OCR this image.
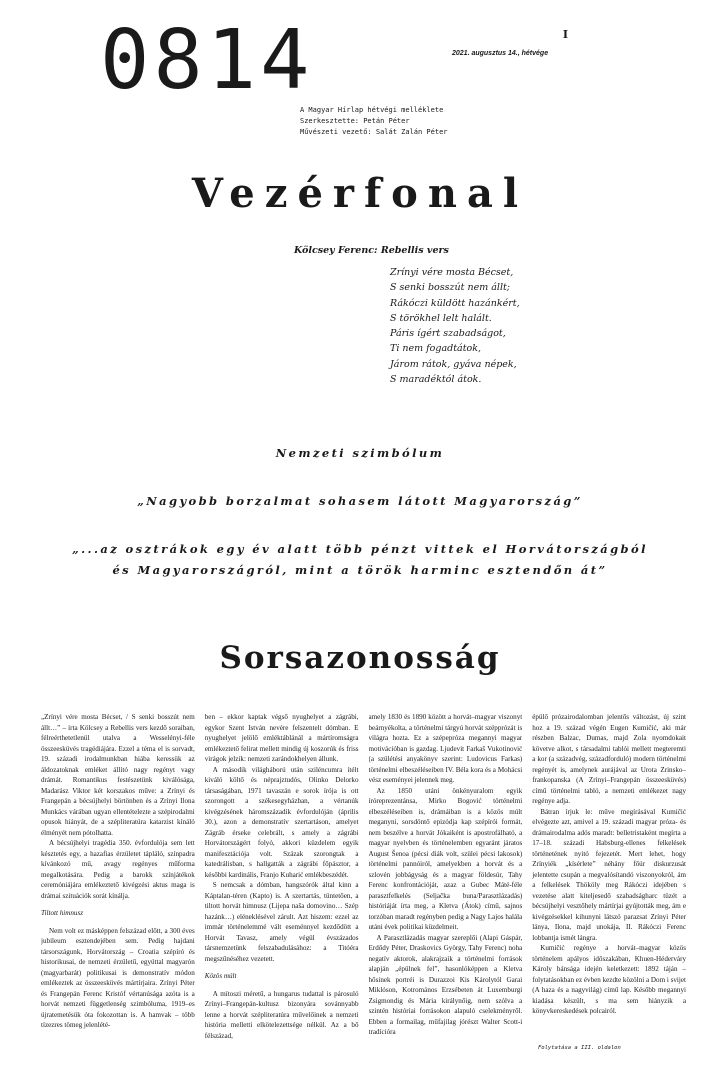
0814	I
2021. augusztus 14., hétvége
A Magyar Hírlap hétvégi melléklete
Szerkesztette: Petán Péter
Művészeti vezető: Salát Zalán Péter
Vezérfonal
Kölcsey Ferenc: Rebellis vers
Zrínyi vére mosta Bécset,
S senki bosszút nem állt;
Rákóczi küldött hazánkért,
S törökhel lelt halált.
Páris ígért szabadságot,
Ti nem fogadtátok,
Járom rátok, gyáva népek,
S maradéktól átok.
Nemzeti szimbólum
„Nagyobb borzalmat sohasem látott Magyarország”
„...az osztrákok egy év alatt több pénzt vittek el Horvátországból
és Magyarországról, mint a török harminc esztendőn át”
Sorsazonosság

„Zrínyi vére mosta Bécset, / S senki bosszút nem állt…” – írta Kölcsey a Rebellis vers kezdő soraiban, félreérthetetlenül utalva a Wesselényi-féle összeesküvés tragédiájára. Ezzel a téma el is sorvadt, 19. századi irodalmunkban hiába keressük az áldozatoknak emléket állító nagy regényt vagy drámát. Romantikus festészetünk kiválósága, Madarász Viktor két korszakos műve: a Zrínyi és Frangepán a bécsújhelyi börtönben és a Zrínyi Ilona Munkács várában ugyan ellentételezte a szépirodalmi opusok hiányát, de a szépliteratúra katarzist kínáló élményét nem pótolhatta.

A bécsújhelyi tragédia 350. évfordulója sem lett késztetés egy, a hazafias érzületet tápláló, színpadra kívánkozó mű, avagy regényes műforma megalkotására. Pedig a barokk színjátékok ceremóniájára emlékeztető kivégzési aktus maga is drámai szituációk sorát kínálja.

Tiltott himnusz

Nem volt ez másképpen felszázad előtt, a 300 éves jubileum esztendejében sem. Pedig hajdani társországunk, Horvátország – Croatia szépíró és historikusai, de nemzeti érzületű, egyúttal magyarón (magyarbarát) politikusai is demonstratív módon emlékeztek az összeesküvés mártírjaira. Zrínyi Péter és Frangepán Ferenc Kristóf vértanúsága azóta is a horvát nemzeti függetlenség szimbóluma, 1919–es újratemetésük óta fokozottan is. A hamvak – több tízezres tömeg jelenlété-

ben – ekkor kaptak végső nyughelyet a zágrábi, egykor Szent István nevére felszentelt dómban. E nyughelyet jelölő emléktáblánál a mártíromságra emlékeztető felirat mellett mindig új koszorúk és friss virágok jelzik: nemzeti zarándokhelyen állunk.

A második világháború után sziléncumra ítélt kiváló költő és néprajztudós, Olinko Delorko társaságában, 1971 tavaszán e sorok írója is ott szorongott a székesegyházban, a vértanúk kivégzésének háromszázadik évfordulóján (április 30.), azon a demonstratív szertartáson, amelyet Zágráb érseke celebrált, s amely a zágrábi Horvátországért folyó, akkori küzdelem egyik manifesztációja volt. Százak szorongtak a katedrálisban, s hallgatták a zágrábi főpásztor, a későbbi kardinális, Franjo Kuharić emlékbeszédét.

S nemcsak a dómban, hangszórók által kinn a Káptalan-téren (Kapto) is. A szertartás, tüntetően, a tiltott horvát himnusz (Lijepa naša domovino… Szép hazánk…) eléneklésével zárult. Azt hiszem: ezzel az immár történelemmé vált eseménnyel kezdődött a Horvát Tavasz, amely végül évszázados társnemzetünk felszabadulásához: a Titóéra megszűnéséhez vezetett.

Közös múlt

A mítoszi méretű, a hungarus tudattal is párosuló Zrínyi–Frangepán-kultusz bizonyára sovánnyabb lenne a horvát szépliteratúra művelőinek a nemzeti história melletti elkötelezettsége nélkül. Az a bő félszázad,

amely 1830 és 1890 között a horvát–magyar viszonyt beárnyékolta, a történelmi tárgyú horvát szépprózát is világra hozta. Ez a szépepróza megannyi magyar motivációban is gazdag. Ljudevit Farkaš Vukotinović (a szülétési anyakönyv szerint: Ludovicus Farkas) történelmi elbeszéléseiben IV. Béla kora és a Mohácsi vész eseményei jelennek meg.

Az 1850 utáni önkényuralom egyik íróreprezentánsa, Mirko Bogović történelmi elbeszéléseiben is, drámáiban is a közös múlt meganyni, sorsdöntő epizódja kap szépírói formát, nem beszélve a horvát Jókaiként is apostrofálható, a magyar nyelvben és történelemben egyaránt járatos August Šenoa (pécsi diák volt, szülei pécsi lakosok) történelmi pannóiról, amelyekben a horvát és a szlovén jobbágyság és a magyar földesúr, Tahy Ferenc konfrontációját, azaz a Gubec Máté-féle parasztfelkelés (Seljačka buna/Parasztlázadás) históriáját írta meg, a Kletva (Átok) című, sajnos torzóban maradt regényben pedig a Nagy Lajos halála utáni évek politikai küzdelmeit.

A Parasztlázadás magyar szereplői (Alapi Gáspár, Erdődy Péter, Draskovics György, Tahy Ferenc) noha negatív aktorok, alakrajzaik a történelmi források alapján „épülnek fel”, hasonlóképpen a Kletva hősinek portréi is Durazzoi Kis Károlytól Garai Miklóson, Kotromános Erzsébeten át Luxemburgi Zsigmondig és Mária királynőig, nem szólva a szintén históriai forrásokon alapuló cselekményről. Ebben a formailag, műfajilag jórészt Walter Scott-i tradícióra

épülő prózairodalomban jelentős változást, új szint hoz a 19. század végén Eugen Kumičić, aki már részben Balzac, Dumas, majd Zola nyomdokait követve alkot, s társadalmi tablói mellett megteremti a kor (a századvég, századforduló) modern történelmi regényét is, amelynek aurájával az Urota Zrinsko–frankopanska (A Zrínyi–Frangepán összeesküvés) című történelmi tabló, a nemzeti emlékezet nagy regénye adja.

Bátran írjuk le: műve megírásával Kumičić elvégezte azt, amivel a 19. századi magyar próza- és drámairodalma adós maradt: belletristaként megírta a 17–18. századi Habsburg-ellenes felkelések történetének nyitó fejezetét. Mert lehet, hogy Zrínyiék „kísérlete” néhány főúr diskurzusát jelentette csupán a megvalósítandó viszonyokról, ám a felkelések Thököly meg Rákóczi idejében s vezetése alatt kiteljesedő szabadságharc tüzét a bécsújhelyi vesztőhely mártírjai gyújtották meg, ám e kivégzésekkel kihunyni látszó parazsat Zrínyi Péter lánya, Ilona, majd unokája, II. Rákóczi Ferenc lobbantja ismét lángra.

Kumičić regénye a horvát–magyar közös történelem apályos időszakában, Khuen-Héderváry Károly bánsága idején keletkezett: 1892 táján – folytatásokban ez évben kezdte közölni a Dom i svijet (A haza és a nagyvilág) című lap. Később megannyi kiadása készült, s ma sem hiányzik a könyvkereskedések polcairól.

Folytatása a III. oldalon
